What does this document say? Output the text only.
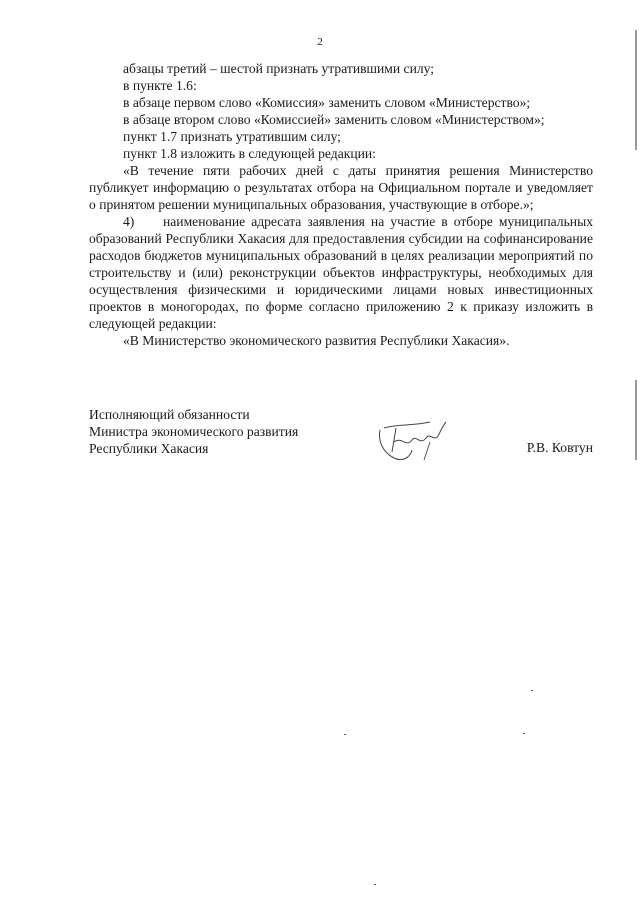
2

абзацы третий – шестой признать утратившими силу;

в пункте 1.6:

в абзаце первом слово «Комиссия» заменить словом «Министерство»;

в абзаце втором слово «Комиссией» заменить словом «Министерством»;

пункт 1.7 признать утратившим силу;

пункт 1.8 изложить в следующей редакции:

«В течение пяти рабочих дней с даты принятия решения Министерство публикует информацию о результатах отбора на Официальном портале и уведомляет о принятом решении муниципальных образования, участвующие в отборе.»;

4) наименование адресата заявления на участие в отборе муниципальных образований Республики Хакасия для предоставления субсидии на софинансирование расходов бюджетов муниципальных образований в целях реализации мероприятий по строительству и (или) реконструкции объектов инфраструктуры, необходимых для осуществления физическими и юридическими лицами новых инвестиционных проектов в моногородах, по форме согласно приложению 2 к приказу изложить в следующей редакции:

«В Министерство экономического развития Республики Хакасия».

Исполняющий обязанности
Министра экономического развития
Республики Хакасия	Р.В. Ковтун
